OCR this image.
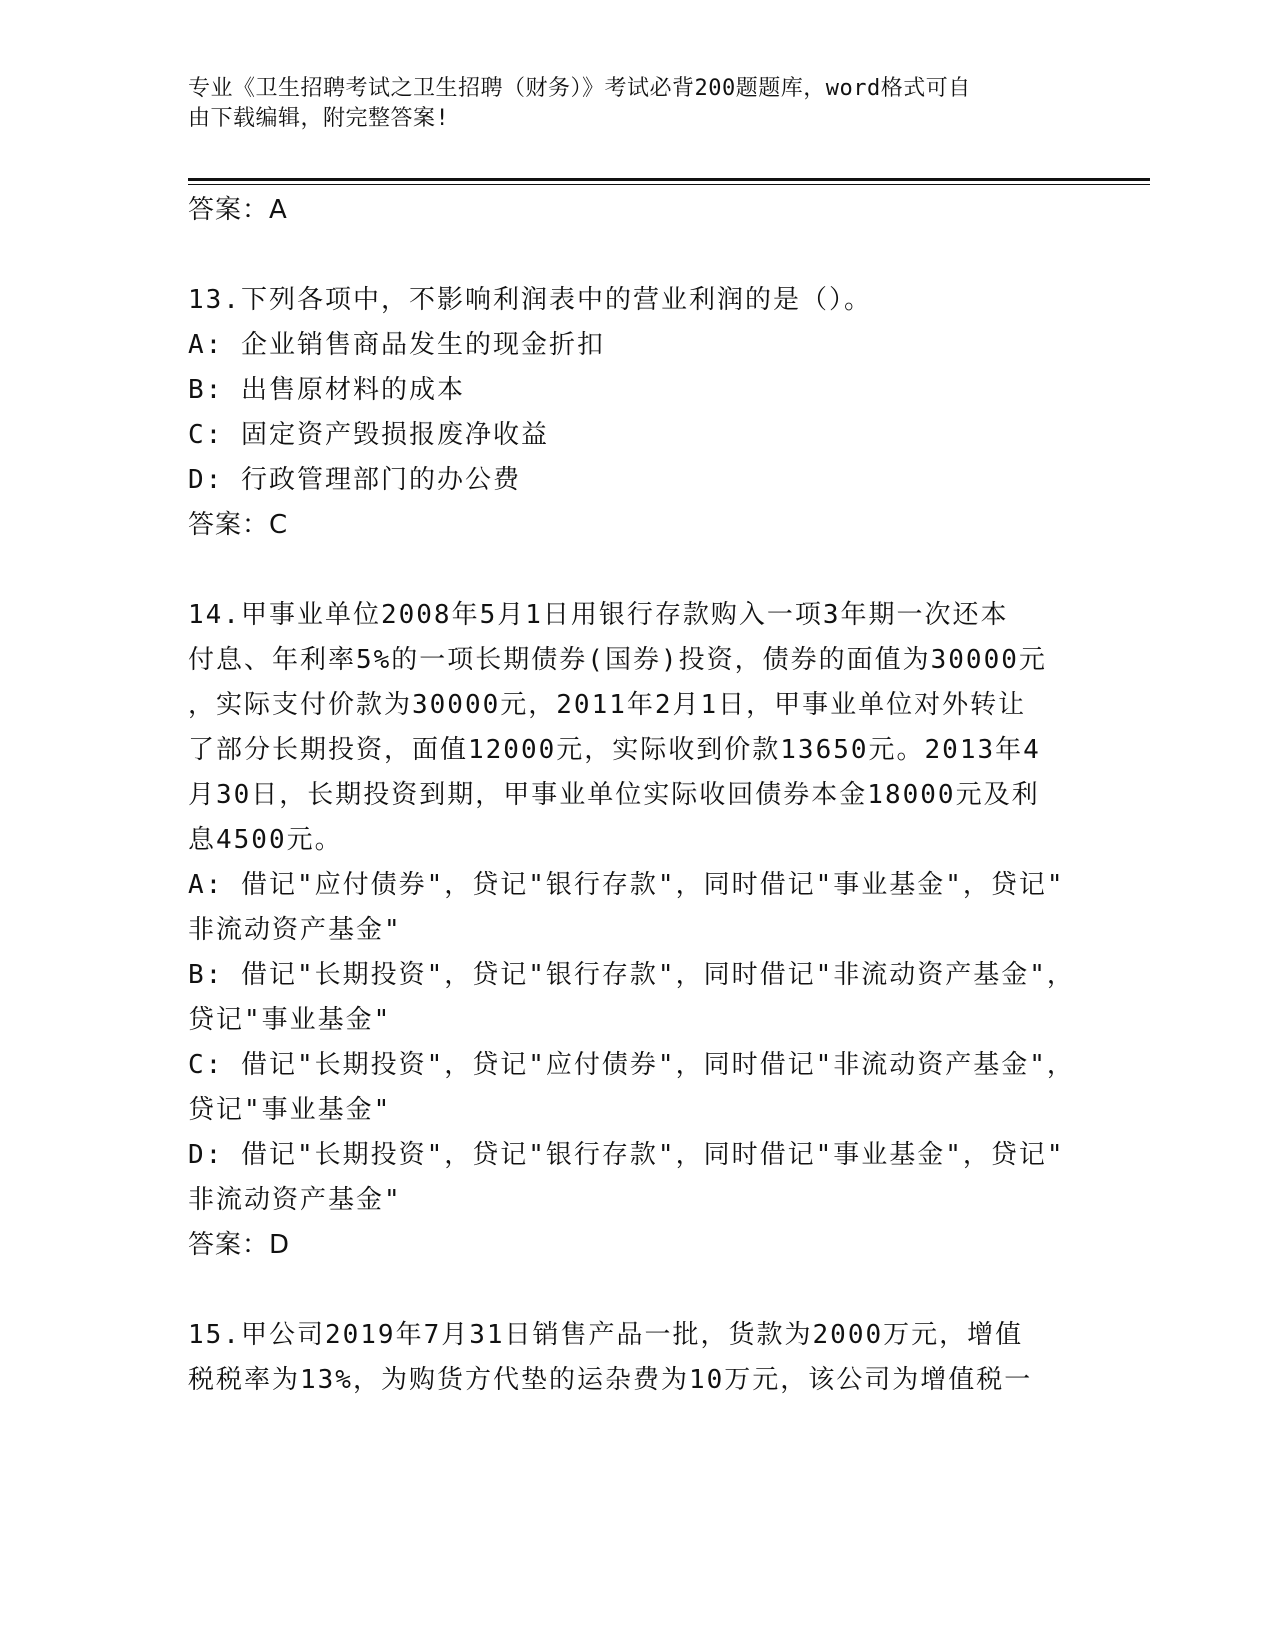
专业《卫生招聘考试之卫生招聘（财务）》考试必背200题题库，word格式可自
由下载编辑，附完整答案!
答案：A
13.下列各项中，不影响利润表中的营业利润的是（）。
A: 企业销售商品发生的现金折扣
B: 出售原材料的成本
C: 固定资产毁损报废净收益
D: 行政管理部门的办公费
答案：C
14.甲事业单位2008年5月1日用银行存款购入一项3年期一次还本
付息、年利率5%的一项长期债券(国券)投资，债券的面值为30000元
，实际支付价款为30000元，2011年2月1日，甲事业单位对外转让
了部分长期投资，面值12000元，实际收到价款13650元。2013年4
月30日，长期投资到期，甲事业单位实际收回债券本金18000元及利
息4500元。
A: 借记"应付债券"，贷记"银行存款"，同时借记"事业基金"，贷记"
非流动资产基金"
B: 借记"长期投资"，贷记"银行存款"，同时借记"非流动资产基金"，
贷记"事业基金"
C: 借记"长期投资"，贷记"应付债券"，同时借记"非流动资产基金"，
贷记"事业基金"
D: 借记"长期投资"，贷记"银行存款"，同时借记"事业基金"，贷记"
非流动资产基金"
答案：D
15.甲公司2019年7月31日销售产品一批，货款为2000万元，增值
税税率为13%，为购货方代垫的运杂费为10万元，该公司为增值税一
